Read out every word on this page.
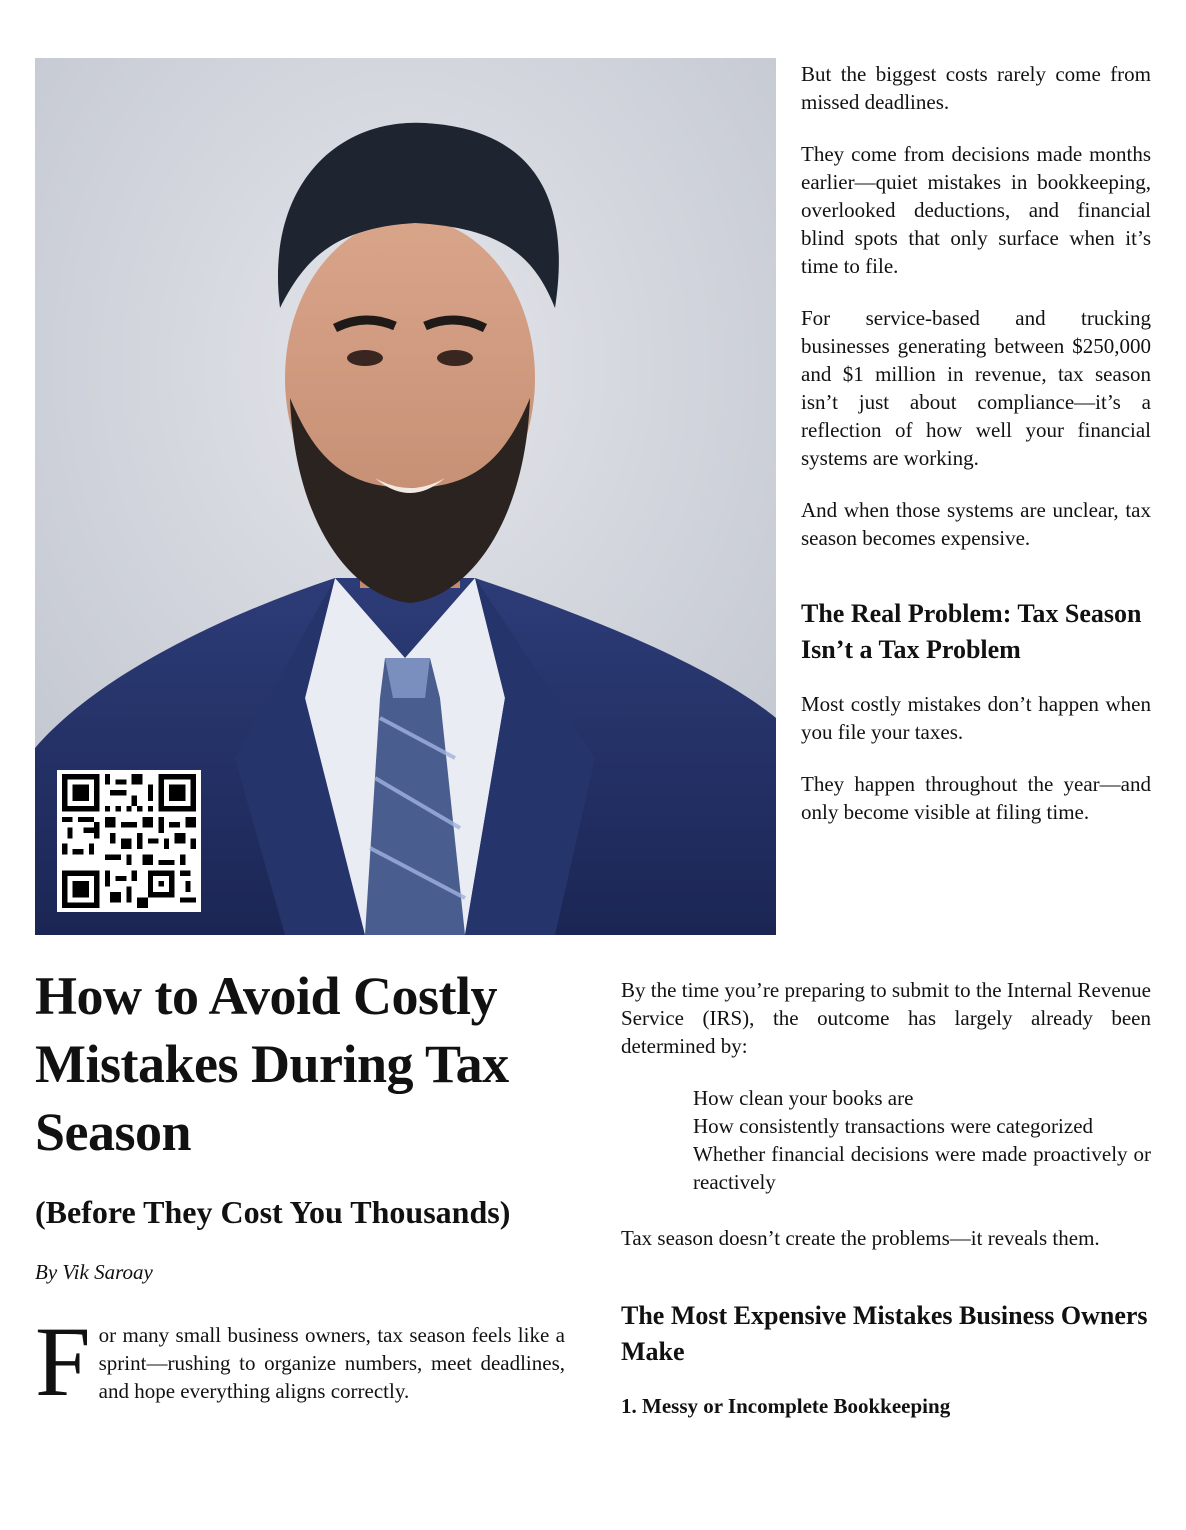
But the biggest costs rarely come from missed deadlines.

They come from decisions made months earlier—quiet mistakes in bookkeeping, overlooked deductions, and financial blind spots that only surface when it’s time to file.

For service-based and trucking businesses generating between $250,000 and $1 million in revenue, tax season isn’t just about compliance—it’s a reflection of how well your financial systems are working.

And when those systems are unclear, tax season becomes expensive.

The Real Problem: Tax Season Isn’t a Tax Problem

Most costly mistakes don’t happen when you file your taxes.

They happen throughout the year—and only become visible at filing time.

How to Avoid Costly Mistakes During Tax Season
(Before They Cost You Thousands)
By Vik Saroay

For many small business owners, tax season feels like a sprint—rushing to organize numbers, meet deadlines, and hope everything aligns correctly.

By the time you’re preparing to submit to the Internal Revenue Service (IRS), the outcome has largely already been determined by:

How clean your books are
How consistently transactions were categorized
Whether financial decisions were made proactively or reactively

Tax season doesn’t create the problems—it reveals them.

The Most Expensive Mistakes Business Owners Make
1. Messy or Incomplete Bookkeeping
